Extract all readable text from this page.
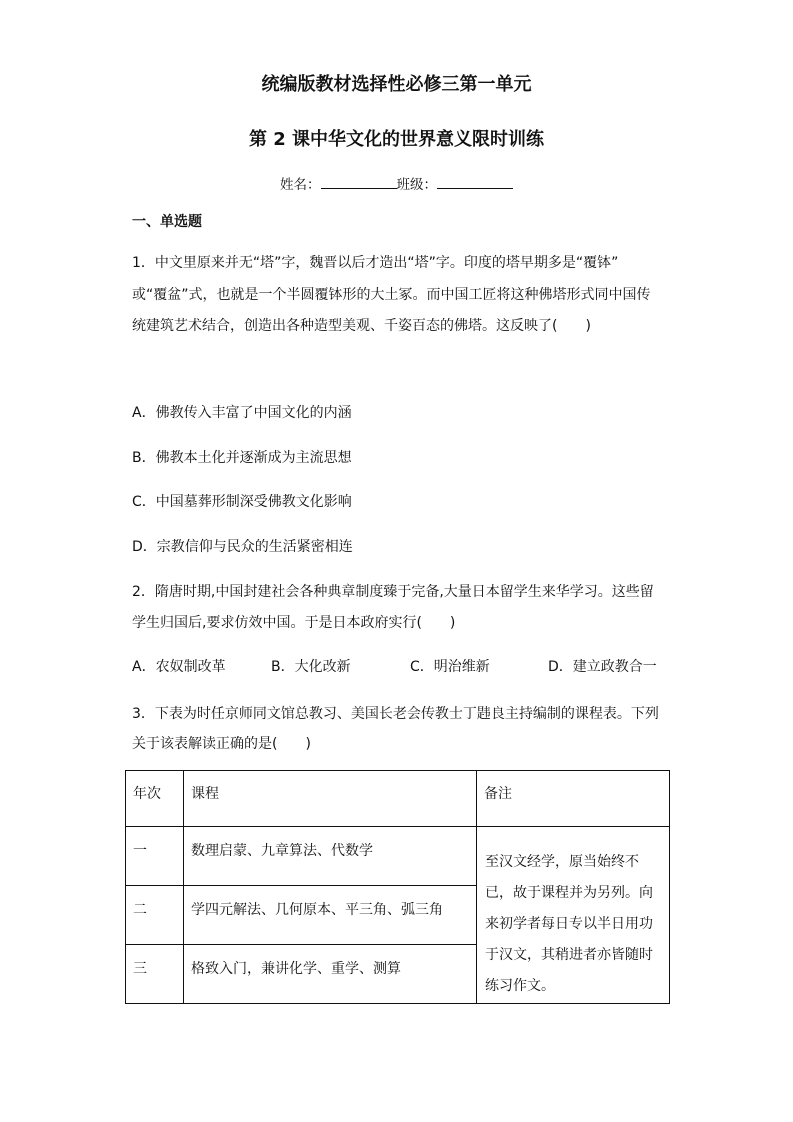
统编版教材选择性必修三第一单元
第 2 课中华文化的世界意义限时训练
姓名：	班级：
一、单选题
1．中文里原来并无“塔”字，魏晋以后才造出“塔”字。印度的塔早期多是“覆钵”
或“覆盆”式，也就是一个半圆覆钵形的大土冢。而中国工匠将这种佛塔形式同中国传
统建筑艺术结合，创造出各种造型美观、千姿百态的佛塔。这反映了(　　)
A．佛教传入丰富了中国文化的内涵
B．佛教本土化并逐渐成为主流思想
C．中国墓葬形制深受佛教文化影响
D．宗教信仰与民众的生活紧密相连
2．隋唐时期,中国封建社会各种典章制度臻于完备,大量日本留学生来华学习。这些留
学生归国后,要求仿效中国。于是日本政府实行(　　)
A．农奴制改革	B．大化改新	C．明治维新	D．建立政教合一
3．下表为时任京师同文馆总教习、美国长老会传教士丁韪良主持编制的课程表。下列
关于该表解读正确的是(　　)
年次	课程	备注

一	数理启蒙、九章算法、代数学	至汉文经学，原当始终不已，故于课程并为另列。向来初学者每日专以半日用功于汉文，其稍进者亦皆随时练习作文。

二	学四元解法、几何原本、平三角、弧三角	

三	格致入门，兼讲化学、重学、测算	
